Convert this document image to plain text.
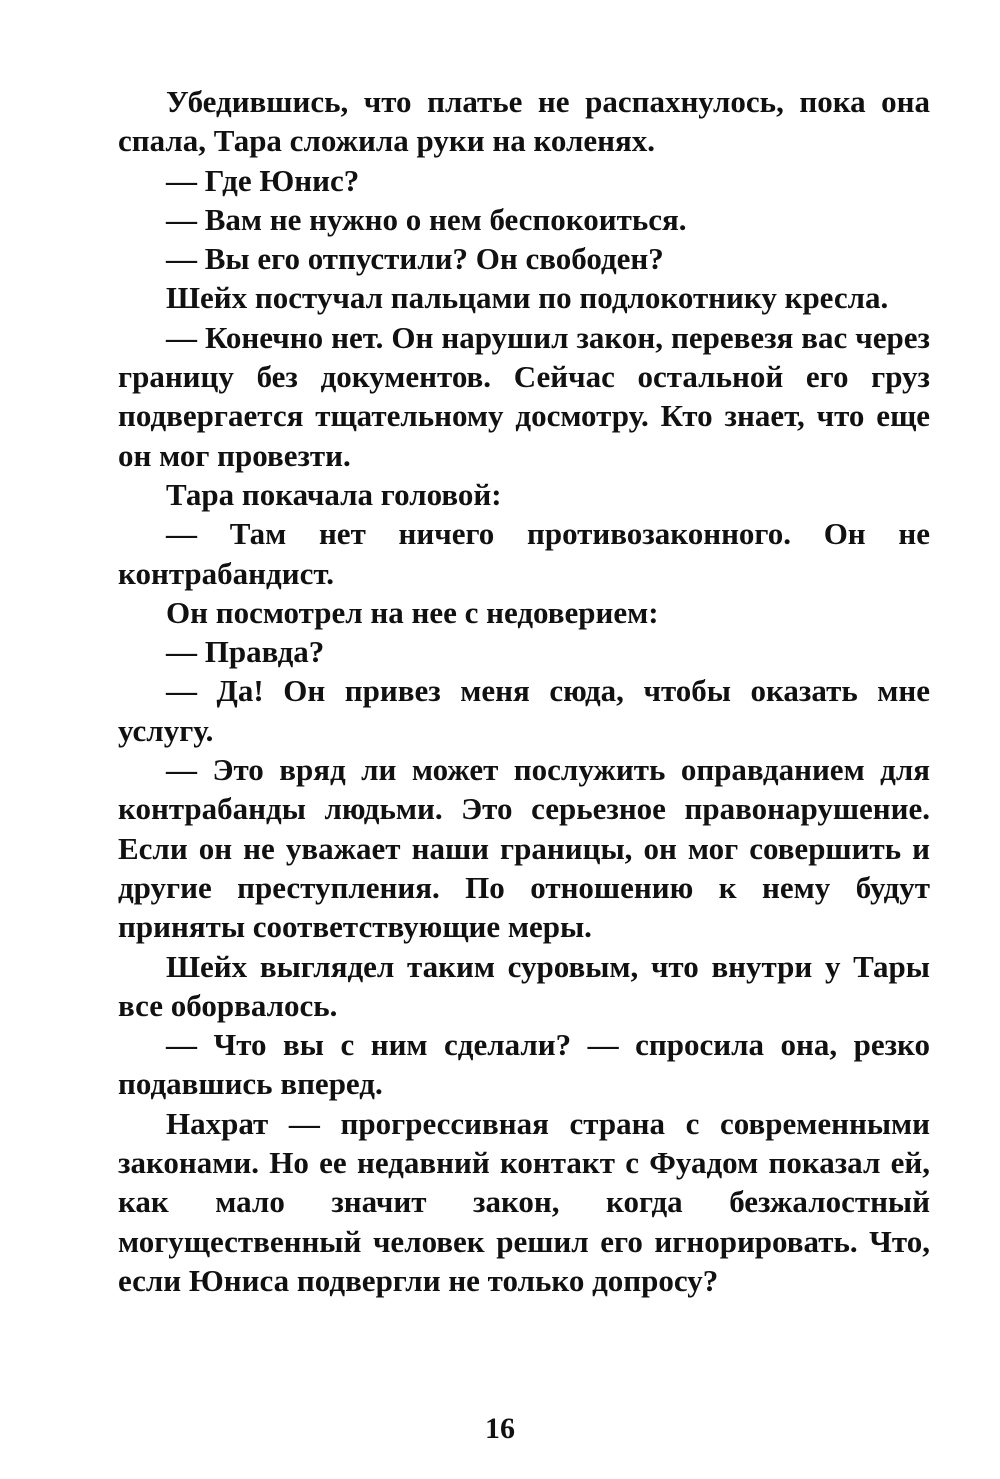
Убедившись, что платье не распахнулось, пока она спала, Тара сложила руки на коленях.

— Где Юнис?

— Вам не нужно о нем беспокоиться.

— Вы его отпустили? Он свободен?

Шейх постучал пальцами по подлокотнику кресла.

— Конечно нет. Он нарушил закон, перевезя вас через границу без документов. Сейчас остальной его груз подвергается тщательному досмотру. Кто знает, что еще он мог провезти.

Тара покачала головой:

— Там нет ничего противозаконного. Он не контрабандист.

Он посмотрел на нее с недоверием:

— Правда?

— Да! Он привез меня сюда, чтобы оказать мне услугу.

— Это вряд ли может послужить оправданием для контрабанды людьми. Это серьезное правонарушение. Если он не уважает наши границы, он мог совершить и другие преступления. По отношению к нему будут приняты соответствующие меры.

Шейх выглядел таким суровым, что внутри у Тары все оборвалось.

— Что вы с ним сделали? — спросила она, резко подавшись вперед.

Нахрат — прогрессивная страна с современными законами. Но ее недавний контакт с Фуадом показал ей, как мало значит закон, когда безжалостный могущественный человек решил его игнорировать. Что, если Юниса подвергли не только допросу?

16
